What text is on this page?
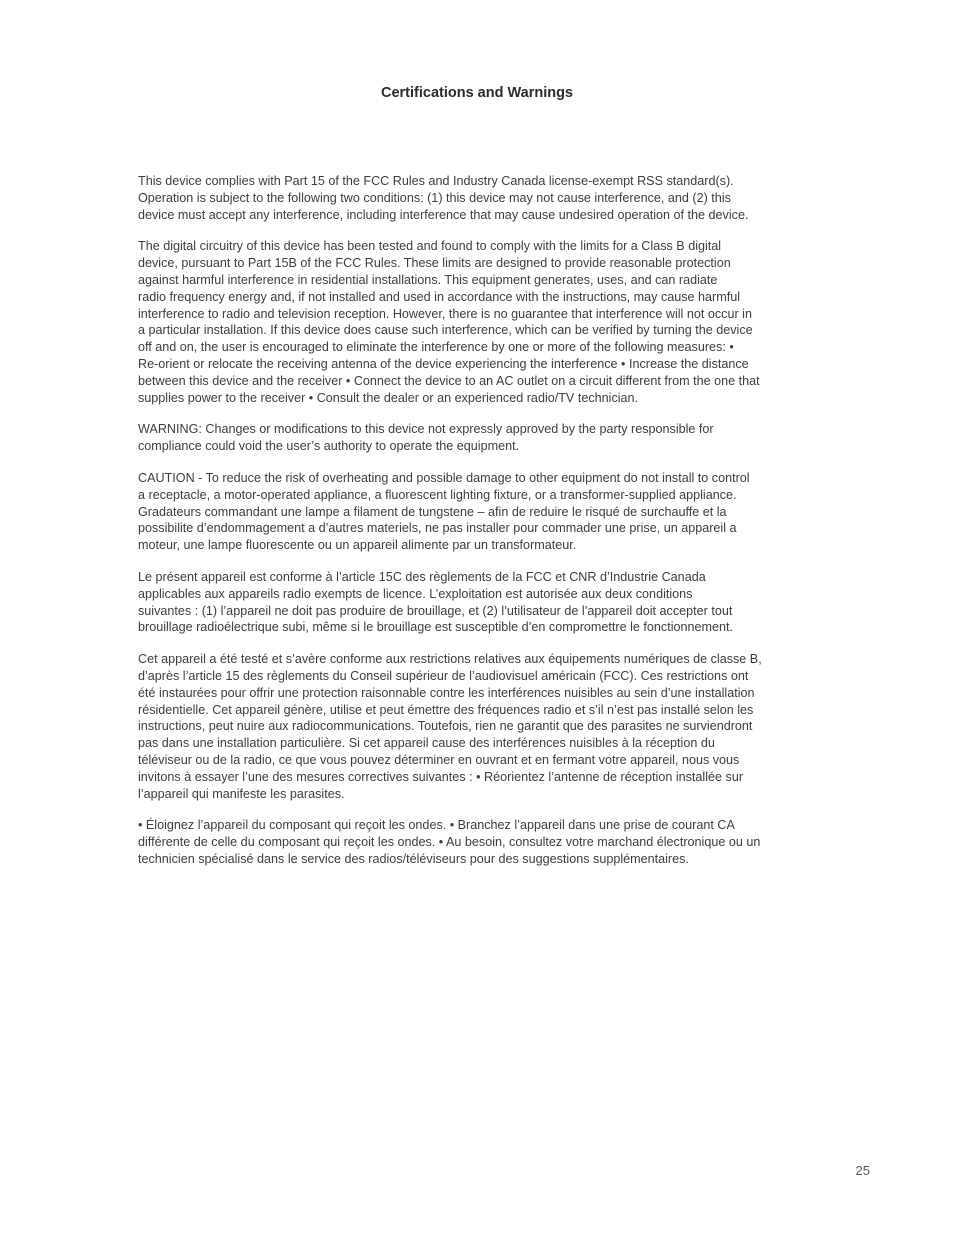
Certifications and Warnings

This device complies with Part 15 of the FCC Rules and Industry Canada license-exempt RSS standard(s).
Operation is subject to the following two conditions: (1) this device may not cause interference, and (2) this
device must accept any interference, including interference that may cause undesired operation of the device.

The digital circuitry of this device has been tested and found to comply with the limits for a Class B digital
device, pursuant to Part 15B of the FCC Rules. These limits are designed to provide reasonable protection
against harmful interference in residential installations. This equipment generates, uses, and can radiate
radio frequency energy and, if not installed and used in accordance with the instructions, may cause harmful
interference to radio and television reception. However, there is no guarantee that interference will not occur in
a particular installation. If this device does cause such interference, which can be verified by turning the device
off and on, the user is encouraged to eliminate the interference by one or more of the following measures: •
Re-orient or relocate the receiving antenna of the device experiencing the interference • Increase the distance
between this device and the receiver • Connect the device to an AC outlet on a circuit different from the one that
supplies power to the receiver • Consult the dealer or an experienced radio/TV technician.

WARNING: Changes or modifications to this device not expressly approved by the party responsible for
compliance could void the user’s authority to operate the equipment.

CAUTION - To reduce the risk of overheating and possible damage to other equipment do not install to control
a receptacle, a motor-operated appliance, a fluorescent lighting fixture, or a transformer-supplied appliance.
Gradateurs commandant une lampe a filament de tungstene – afin de reduire le risqué de surchauffe et la
possibilite d’endommagement a d’autres materiels, ne pas installer pour commader une prise, un appareil a
moteur, une lampe fluorescente ou un appareil alimente par un transformateur.

Le présent appareil est conforme à l’article 15C des règlements de la FCC et CNR d’Industrie Canada
applicables aux appareils radio exempts de licence. L’exploitation est autorisée aux deux conditions
suivantes : (1) l’appareil ne doit pas produire de brouillage, et (2) l’utilisateur de l’appareil doit accepter tout
brouillage radioélectrique subi, même si le brouillage est susceptible d’en compromettre le fonctionnement.

Cet appareil a été testé et s’avère conforme aux restrictions relatives aux équipements numériques de classe B,
d’après l’article 15 des règlements du Conseil supérieur de l’audiovisuel américain (FCC). Ces restrictions ont
été instaurées pour offrir une protection raisonnable contre les interférences nuisibles au sein d’une installation
résidentielle. Cet appareil génère, utilise et peut émettre des fréquences radio et s’il n’est pas installé selon les
instructions, peut nuire aux radiocommunications. Toutefois, rien ne garantit que des parasites ne surviendront
pas dans une installation particulière. Si cet appareil cause des interférences nuisibles à la réception du
téléviseur ou de la radio, ce que vous pouvez déterminer en ouvrant et en fermant votre appareil, nous vous
invitons à essayer l’une des mesures correctives suivantes : • Réorientez l’antenne de réception installée sur
l’appareil qui manifeste les parasites.

• Éloignez l’appareil du composant qui reçoit les ondes. • Branchez l’appareil dans une prise de courant CA
différente de celle du composant qui reçoit les ondes. • Au besoin, consultez votre marchand électronique ou un
technicien spécialisé dans le service des radios/téléviseurs pour des suggestions supplémentaires.

25
